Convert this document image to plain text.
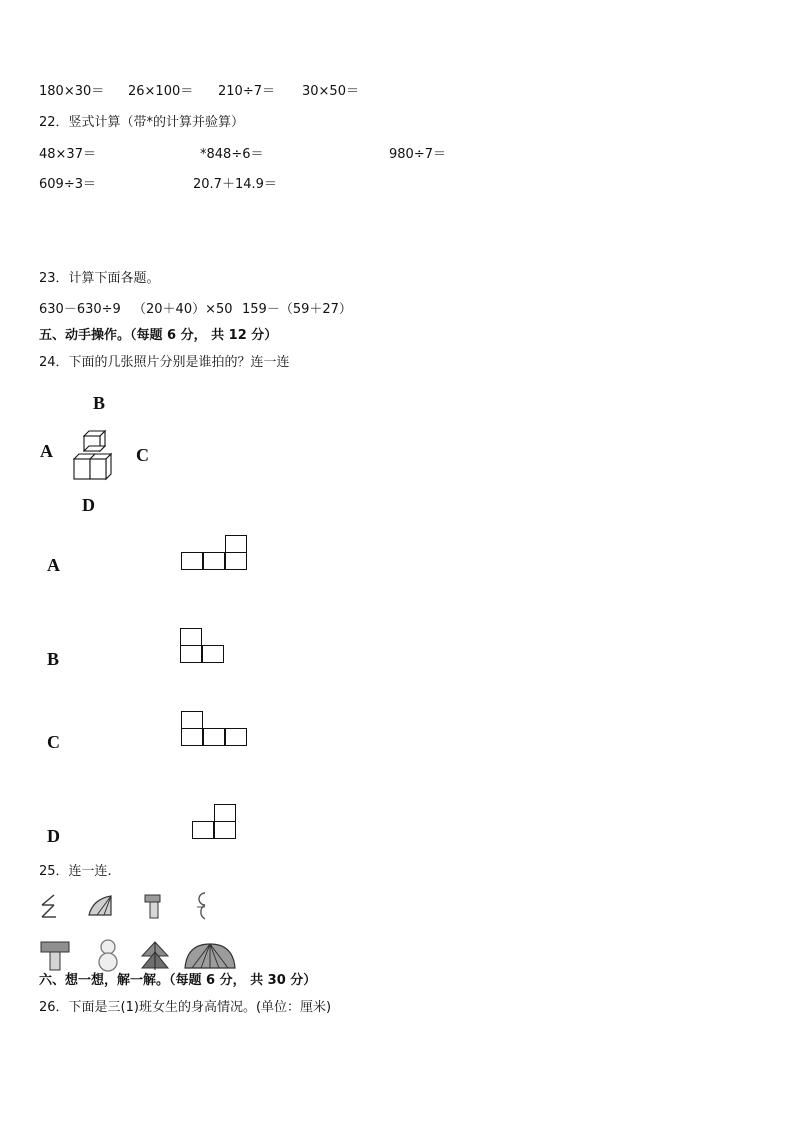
180×30＝ 26×100＝ 210÷7＝ 30×50＝
22．竖式计算（带*的计算并验算）
48×37＝	*848÷6＝	980÷7＝
609÷3＝	20.7＋14.9＝
23．计算下面各题。
630－630÷9 （20＋40）×50 159－（59＋27）
五、动手操作。（每题 6 分， 共 12 分）
24．下面的几张照片分别是谁拍的？连一连
B
A	C
D
A
B
C
D
25．连一连.
六、想一想，解一解。（每题 6 分， 共 30 分）
26．下面是三(1)班女生的身高情况。(单位：厘米)
